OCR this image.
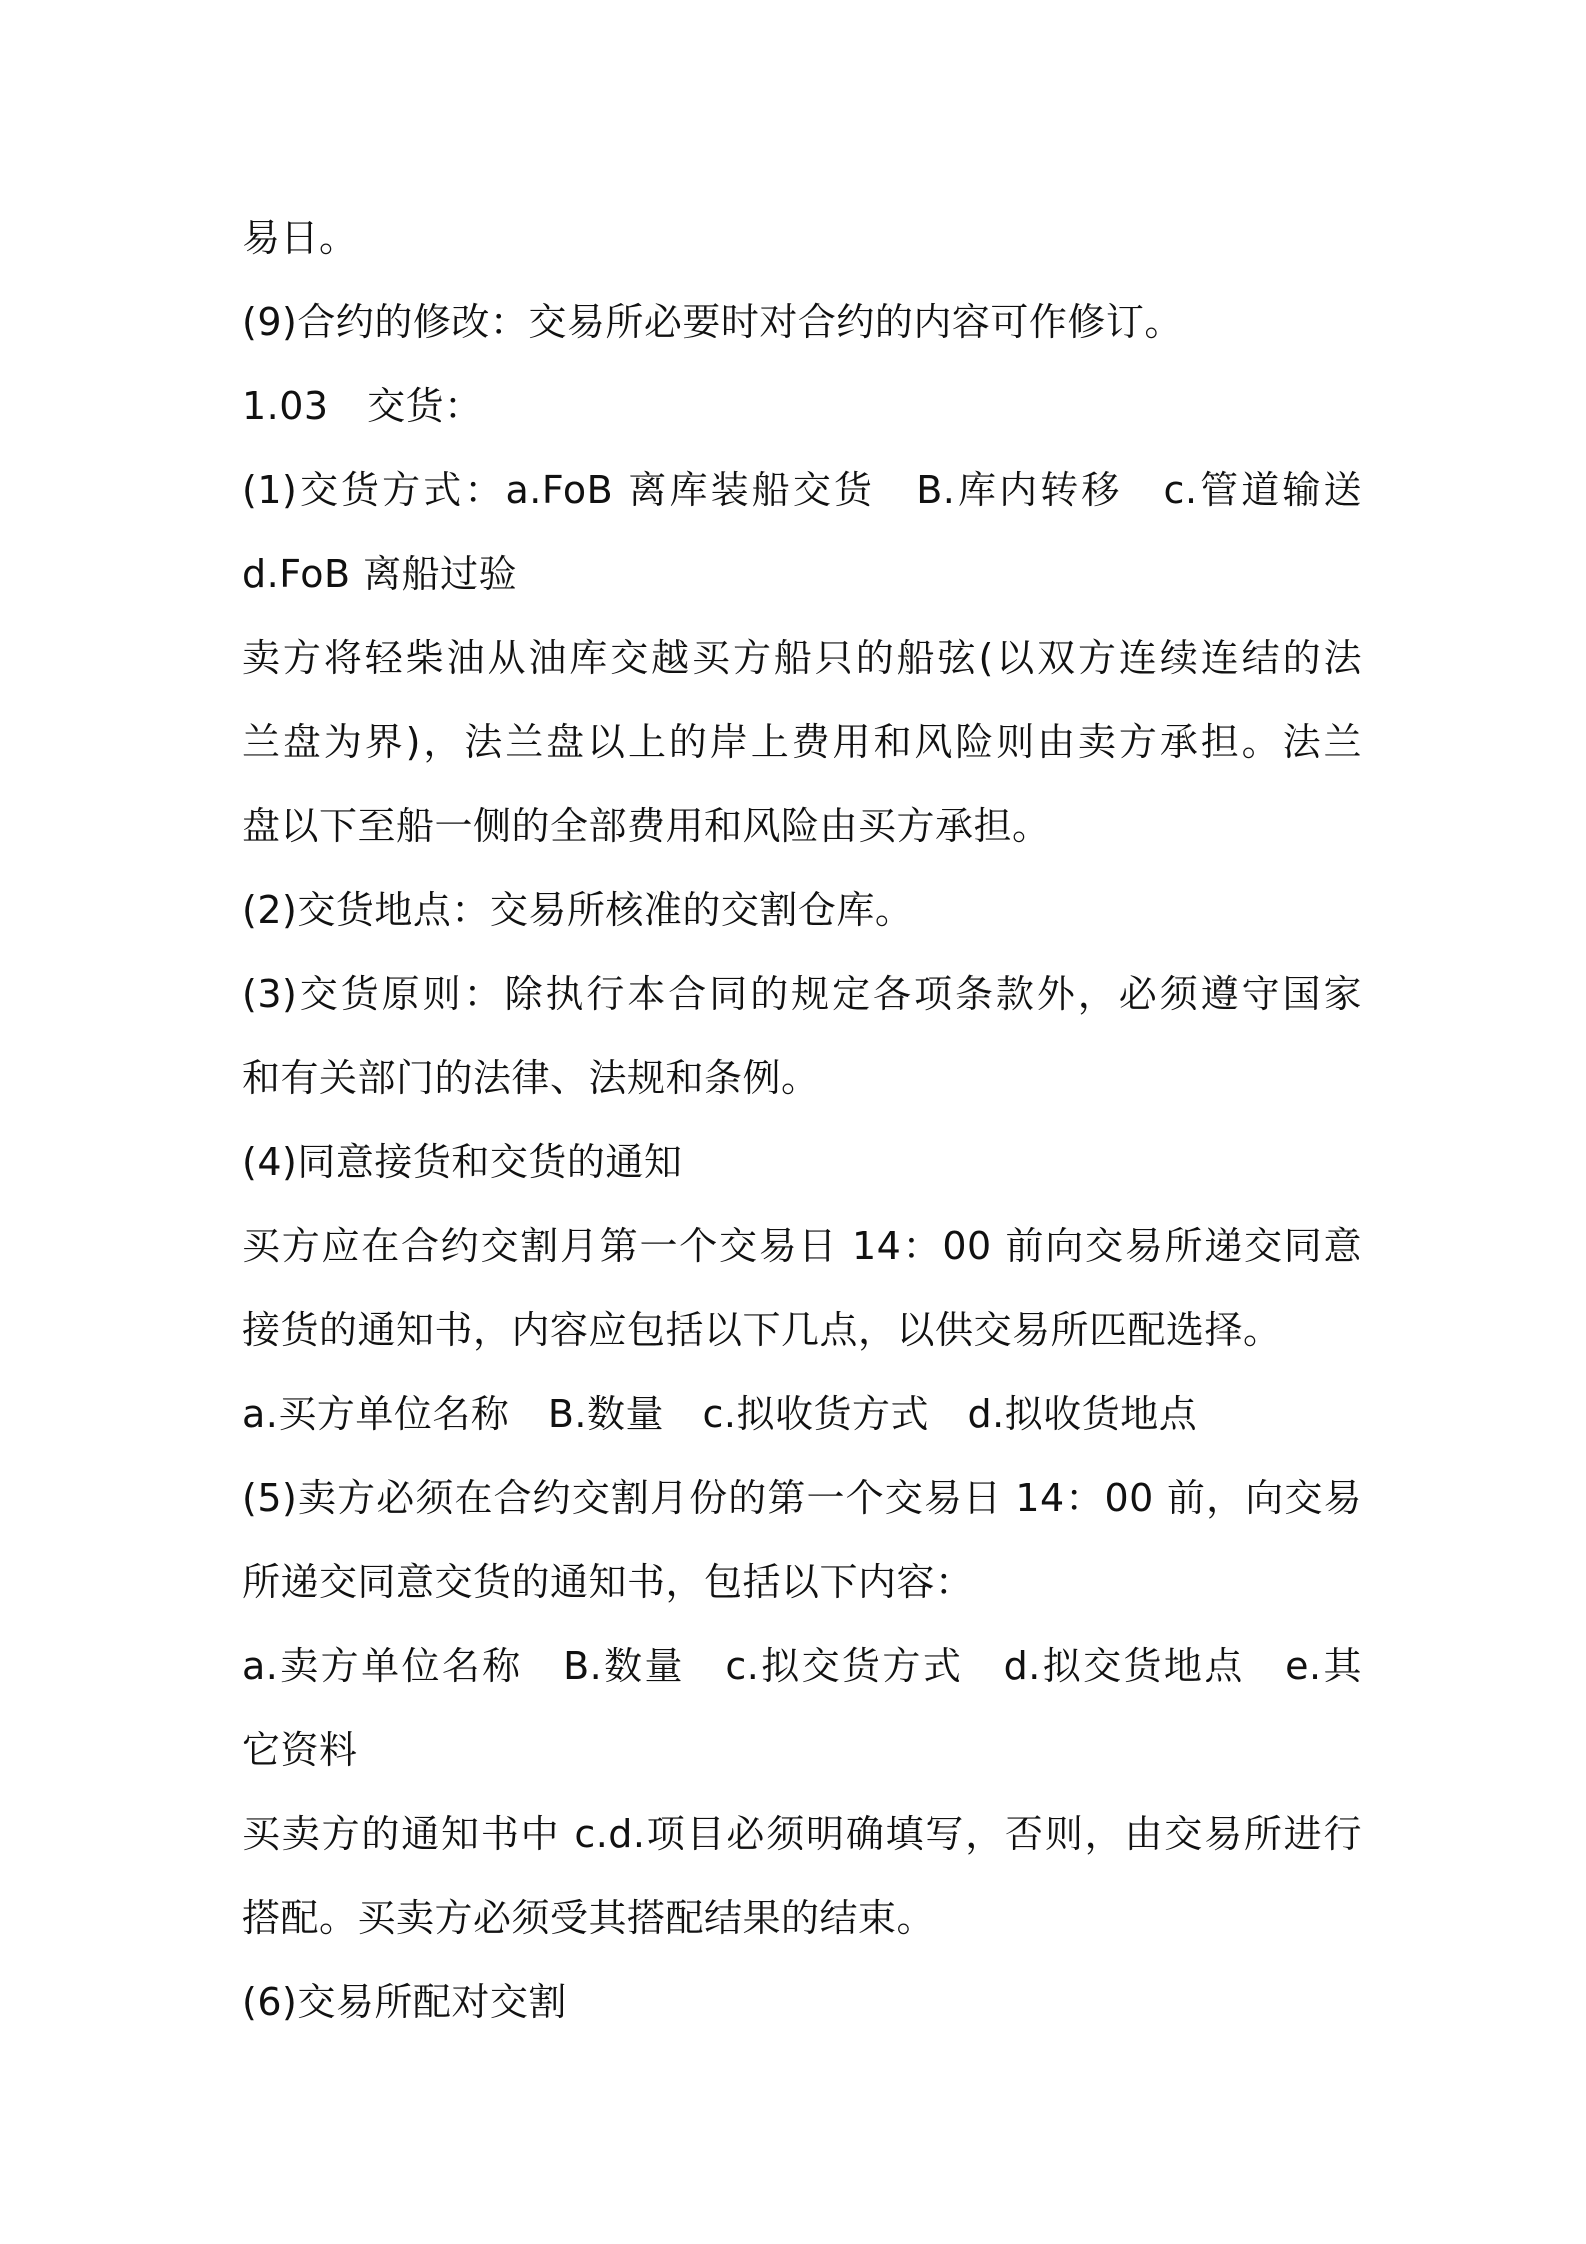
易日。
(9)合约的修改：交易所必要时对合约的内容可作修订。
1.03　交货：
(1)交货方式：a.FoB 离库装船交货　B.库内转移　c.管道输送
d.FoB 离船过验
卖方将轻柴油从油库交越买方船只的船弦(以双方连续连结的法
兰盘为界)，法兰盘以上的岸上费用和风险则由卖方承担。法兰
盘以下至船一侧的全部费用和风险由买方承担。
(2)交货地点：交易所核准的交割仓库。
(3)交货原则：除执行本合同的规定各项条款外，必须遵守国家
和有关部门的法律、法规和条例。
(4)同意接货和交货的通知
买方应在合约交割月第一个交易日 14：00 前向交易所递交同意
接货的通知书，内容应包括以下几点，以供交易所匹配选择。
a.买方单位名称　B.数量　c.拟收货方式　d.拟收货地点
(5)卖方必须在合约交割月份的第一个交易日 14：00 前，向交易
所递交同意交货的通知书，包括以下内容：
a.卖方单位名称　B.数量　c.拟交货方式　d.拟交货地点　e.其
它资料
买卖方的通知书中 c.d.项目必须明确填写，否则，由交易所进行
搭配。买卖方必须受其搭配结果的结束。
(6)交易所配对交割
